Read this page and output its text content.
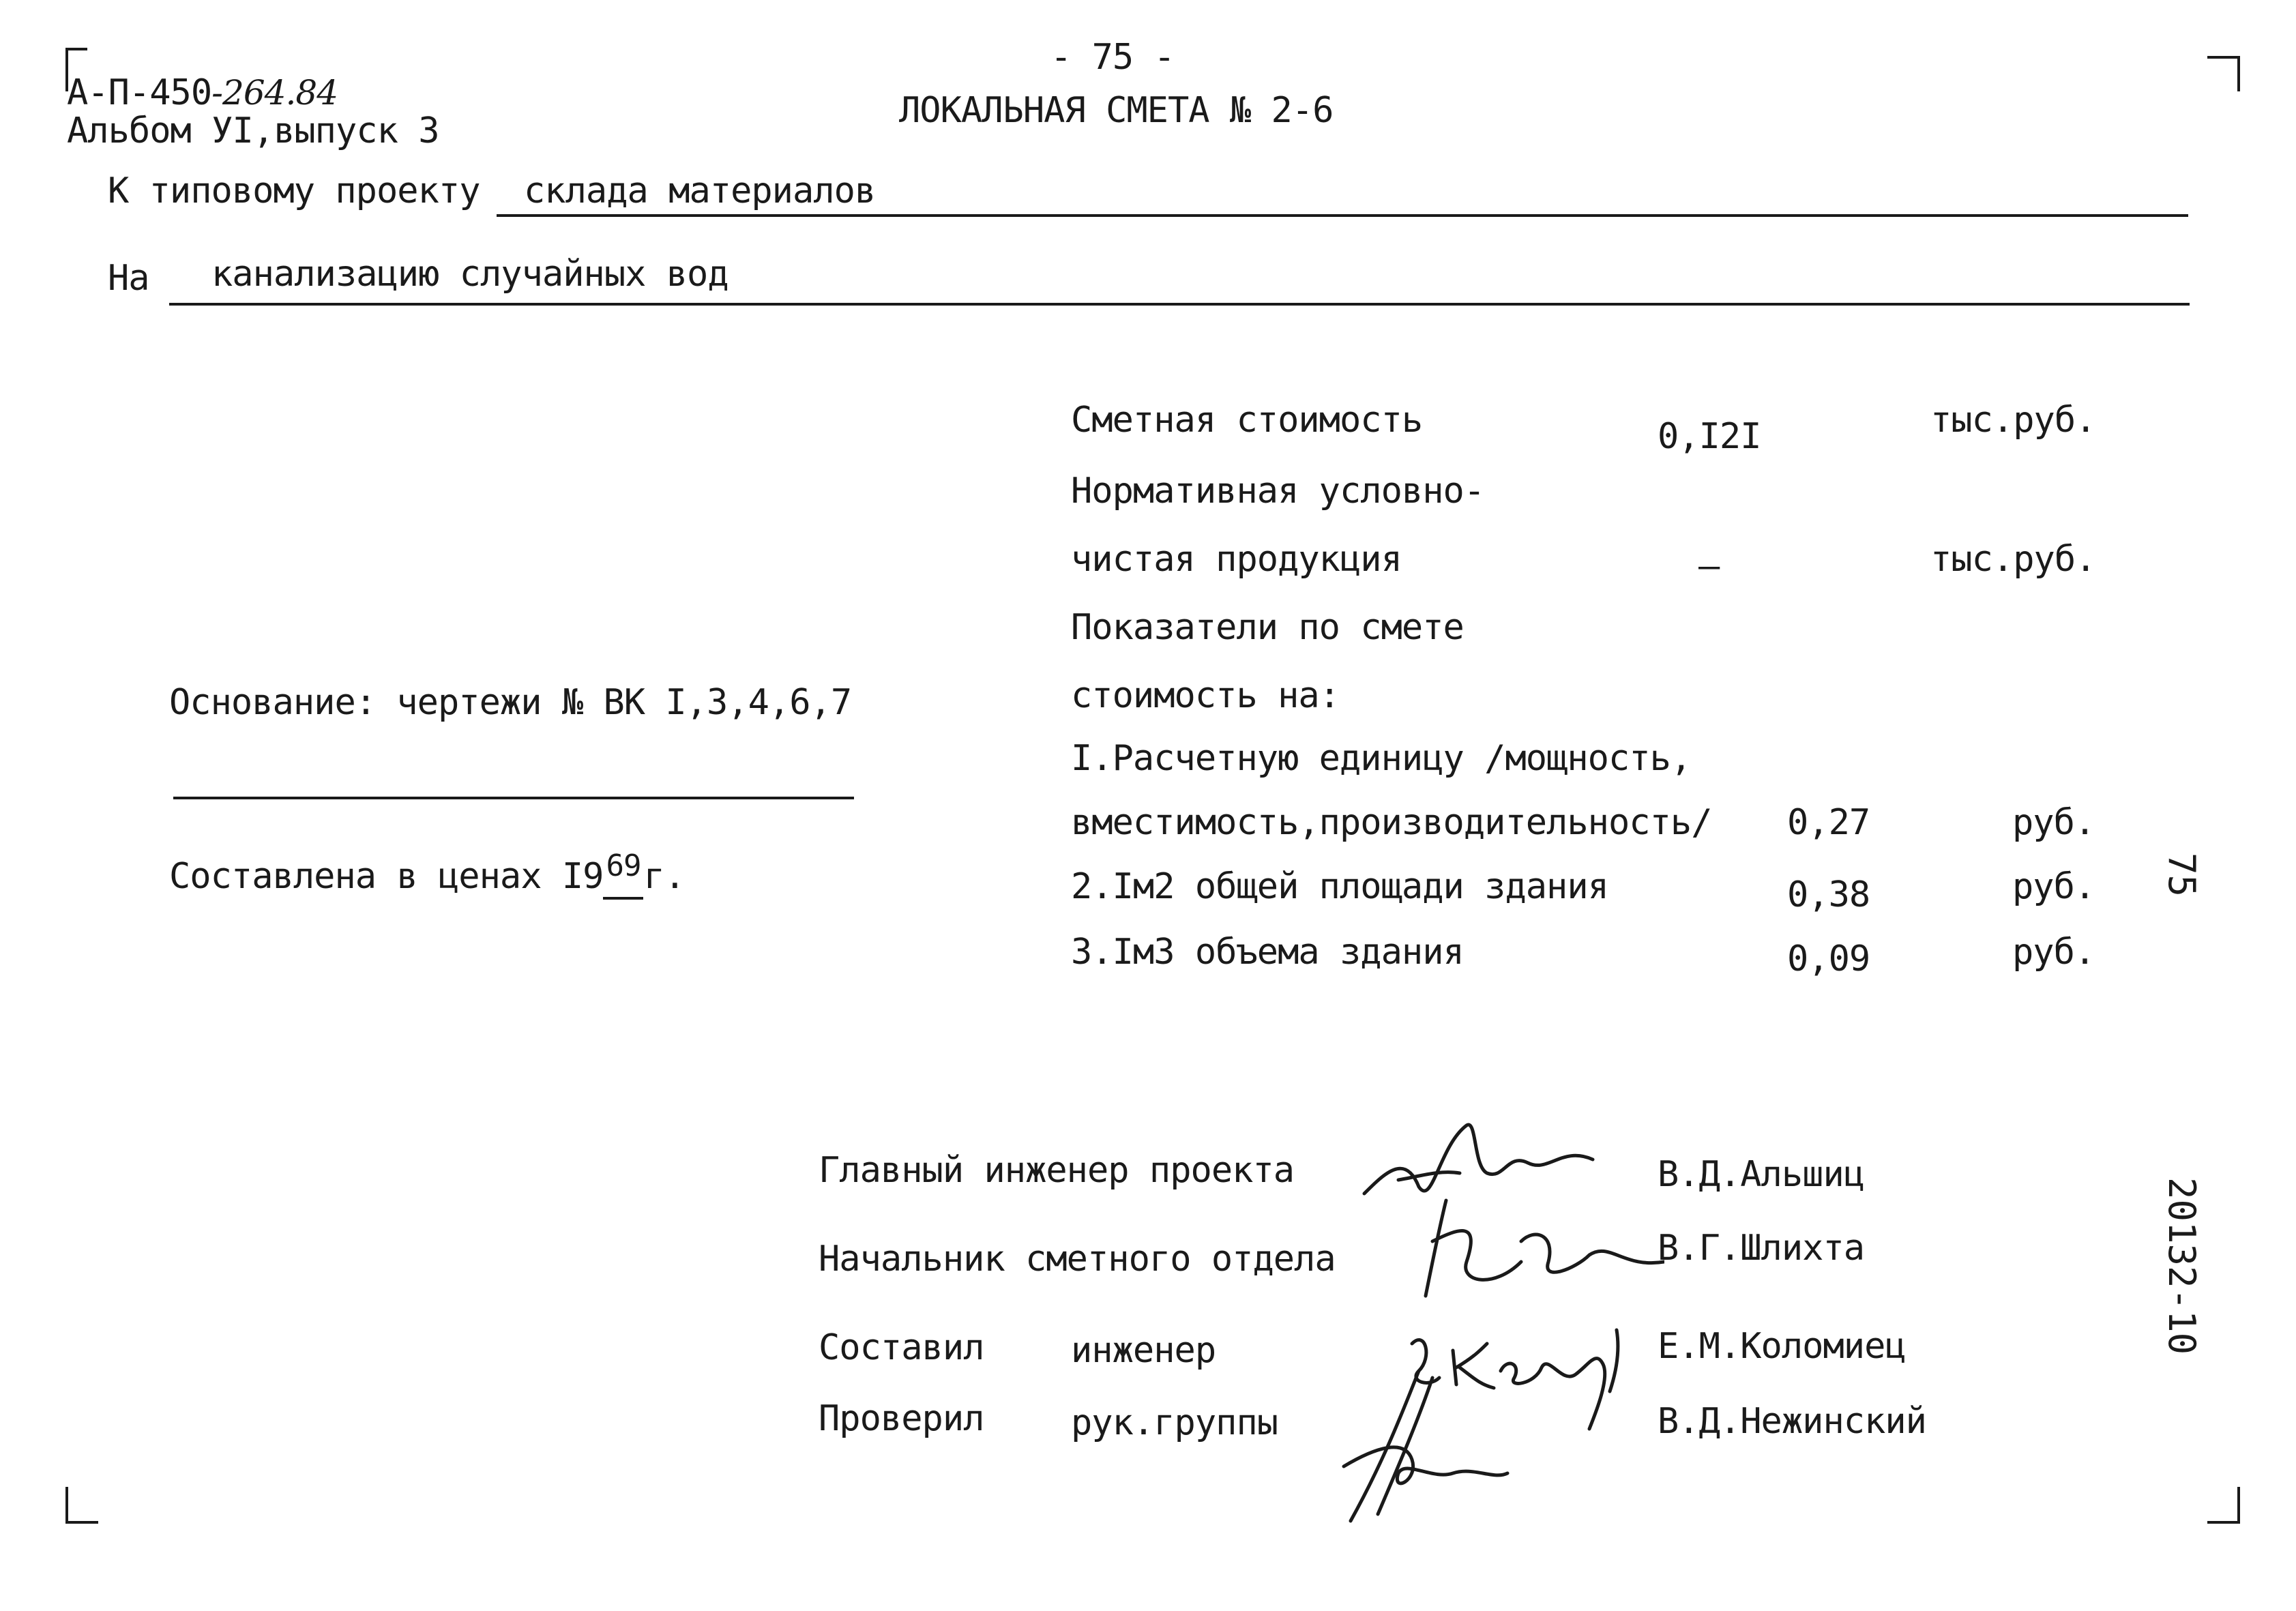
А-П-450-264.84
Альбом УI,выпуск 3
- 75 -
ЛОКАЛЬНАЯ СМЕТА № 2-6
К типовому проекту склада материалов
На канализацию случайных вод
Основание: чертежи № ВК I,3,4,6,7
Составлена в ценах $I9^{69}г$.
Сметная стоимость	0,I2I	тыс.руб.
Нормативная условно-
чистая продукция	–	тыс.руб.
Показатели по смете
стоимость на:
I.Расчетную единицу /мощность,
вместимость,производительность/ 0,27	руб.
2.Iм2 общей площади здания	0,38	руб.
3.Iм3 объема здания	0,09	руб.
75
20132-10
Главный инженер проекта	В.Д.Альшиц
Начальник сметного отдела	В.Г.Шлихта
Составил инженер	Е.М.Коломиец
Проверил рук.группы	В.Д.Нежинский
